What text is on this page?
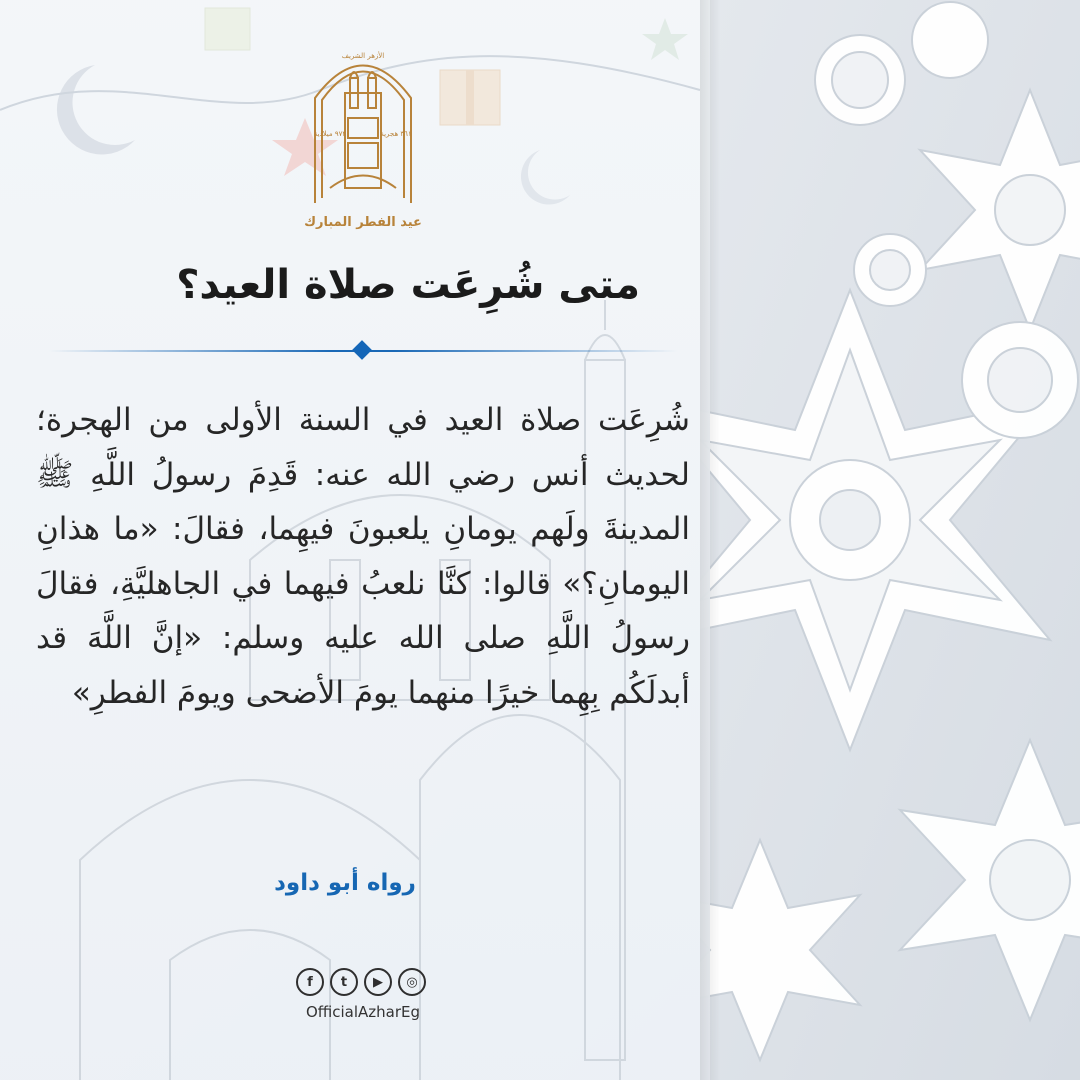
الأزهر الشريف
٣٦١ هجرية
٩٧٢ ميلادية
عيد الفطر المبارك
متى شُرِعَت صلاة العيد؟
شُرِعَت صلاة العيد في السنة الأولى من الهجرة؛ لحديث أنس رضي الله عنه: قَدِمَ رسولُ اللَّهِ ﷺ المدينةَ ولَهم يومانِ يلعبونَ فيهِما، فقالَ: «ما هذانِ اليومانِ؟» قالوا: كنَّا نلعبُ فيهما في الجاهليَّةِ، فقالَ رسولُ اللَّهِ صلى الله عليه وسلم: «إنَّ اللَّهَ قد أبدلَكُم بِهِما خيرًا منهما يومَ الأضحى ويومَ الفطرِ»
رواه أبو داود
f	t	▶	◎
OfficialAzharEg
